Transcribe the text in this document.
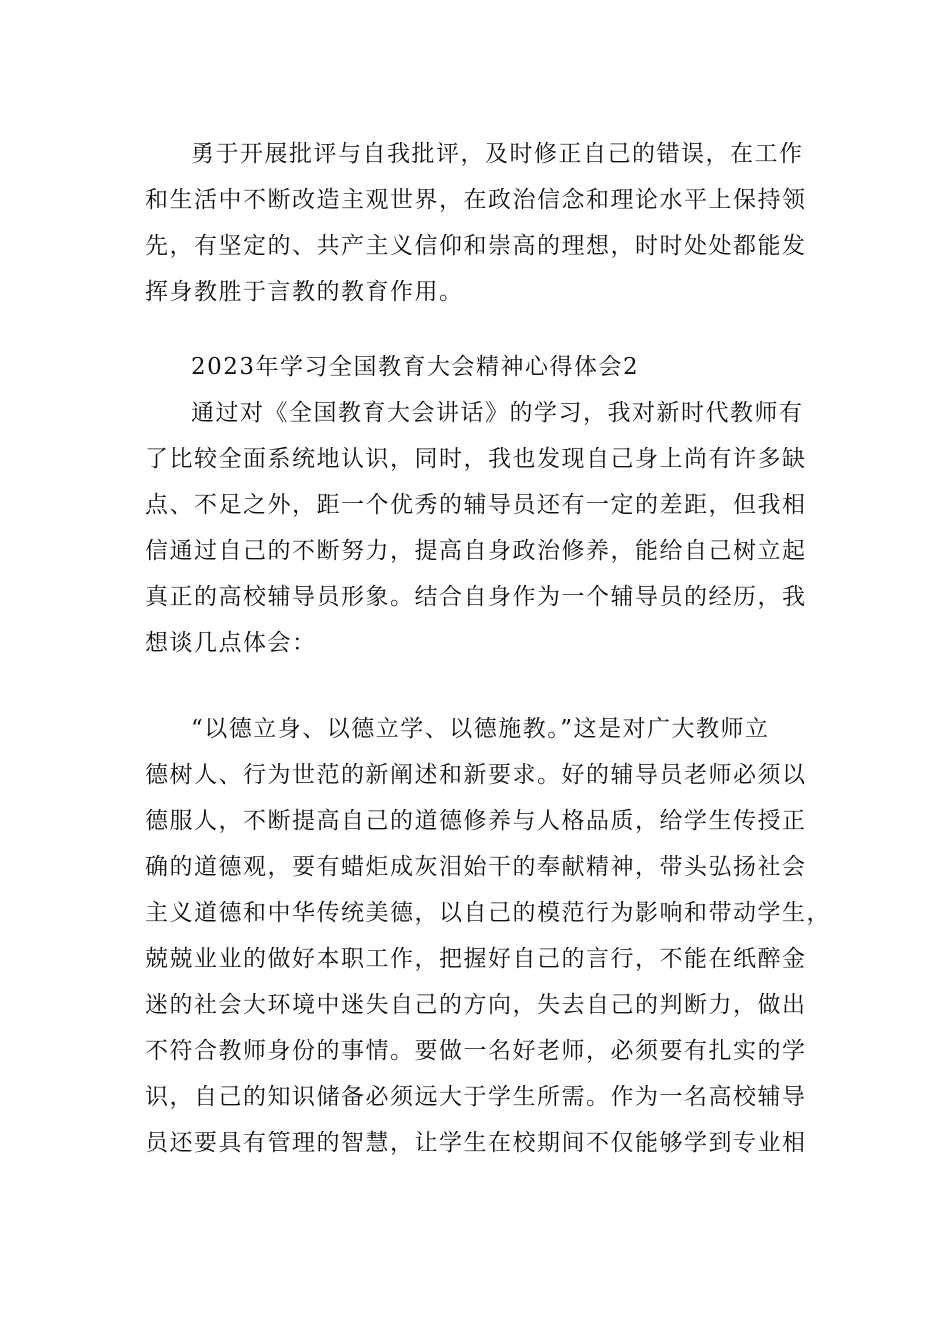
勇于开展批评与自我批评，及时修正自己的错误，在工作
和生活中不断改造主观世界，在政治信念和理论水平上保持领
先，有坚定的、共产主义信仰和崇高的理想，时时处处都能发
挥身教胜于言教的教育作用。
2023年学习全国教育大会精神心得体会2
通过对《全国教育大会讲话》的学习，我对新时代教师有
了比较全面系统地认识，同时，我也发现自己身上尚有许多缺
点、不足之外，距一个优秀的辅导员还有一定的差距，但我相
信通过自己的不断努力，提高自身政治修养，能给自己树立起
真正的高校辅导员形象。结合自身作为一个辅导员的经历，我
想谈几点体会：
“以德立身、以德立学、以德施教。”这是对广大教师立
德树人、行为世范的新阐述和新要求。好的辅导员老师必须以
德服人，不断提高自己的道德修养与人格品质，给学生传授正
确的道德观，要有蜡炬成灰泪始干的奉献精神，带头弘扬社会
主义道德和中华传统美德，以自己的模范行为影响和带动学生，
兢兢业业的做好本职工作，把握好自己的言行，不能在纸醉金
迷的社会大环境中迷失自己的方向，失去自己的判断力，做出
不符合教师身份的事情。要做一名好老师，必须要有扎实的学
识，自己的知识储备必须远大于学生所需。作为一名高校辅导
员还要具有管理的智慧，让学生在校期间不仅能够学到专业相
